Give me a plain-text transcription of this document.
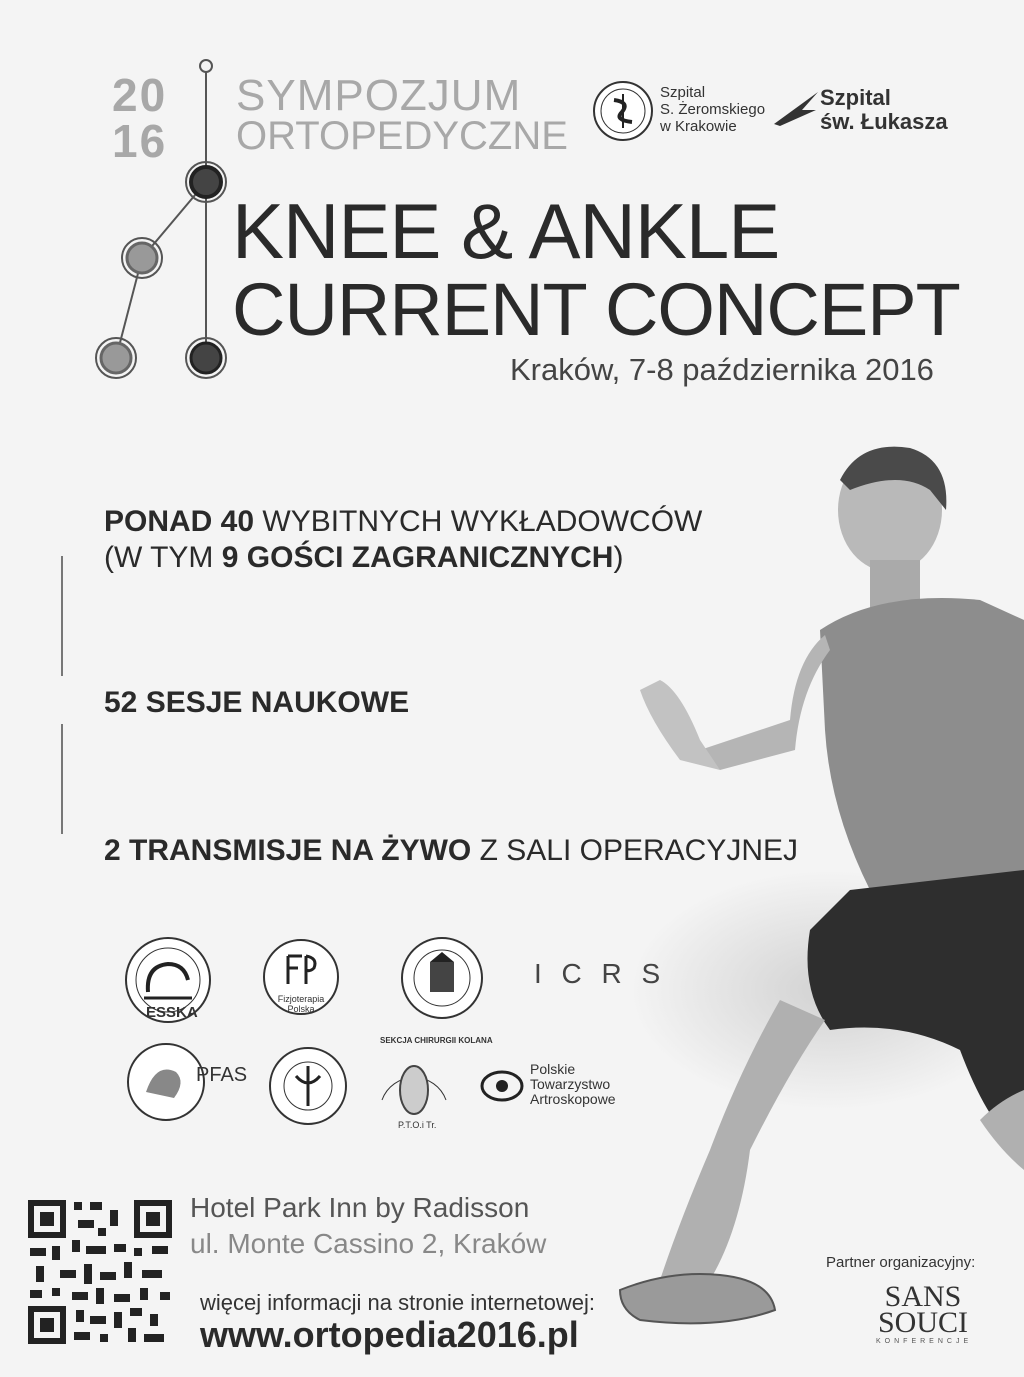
20
16
SYMPOZJUM
ORTOPEDYCZNE
Szpital
S. Żeromskiego
w Krakowie
Szpital
św. Łukasza
KNEE & ANKLE
CURRENT CONCEPT
Kraków, 7-8 października 2016
PONAD 40 WYBITNYCH WYKŁADOWCÓW
(W TYM 9 GOŚCI ZAGRANICZNYCH)
52 SESJE NAUKOWE
2 TRANSMISJE NA ŻYWO Z SALI OPERACYJNEJ
ESSKA
Fizjoterapia
Polska
I C R S
PFAS
SEKCJA CHIRURGII KOLANA
P.T.O.i Tr.
Polskie
Towarzystwo
Artroskopowe
Hotel Park Inn by Radisson
ul. Monte Cassino 2, Kraków
więcej informacji na stronie internetowej:
www.ortopedia2016.pl
Partner organizacyjny:
SANS
SOUCI
KONFERENCJE
